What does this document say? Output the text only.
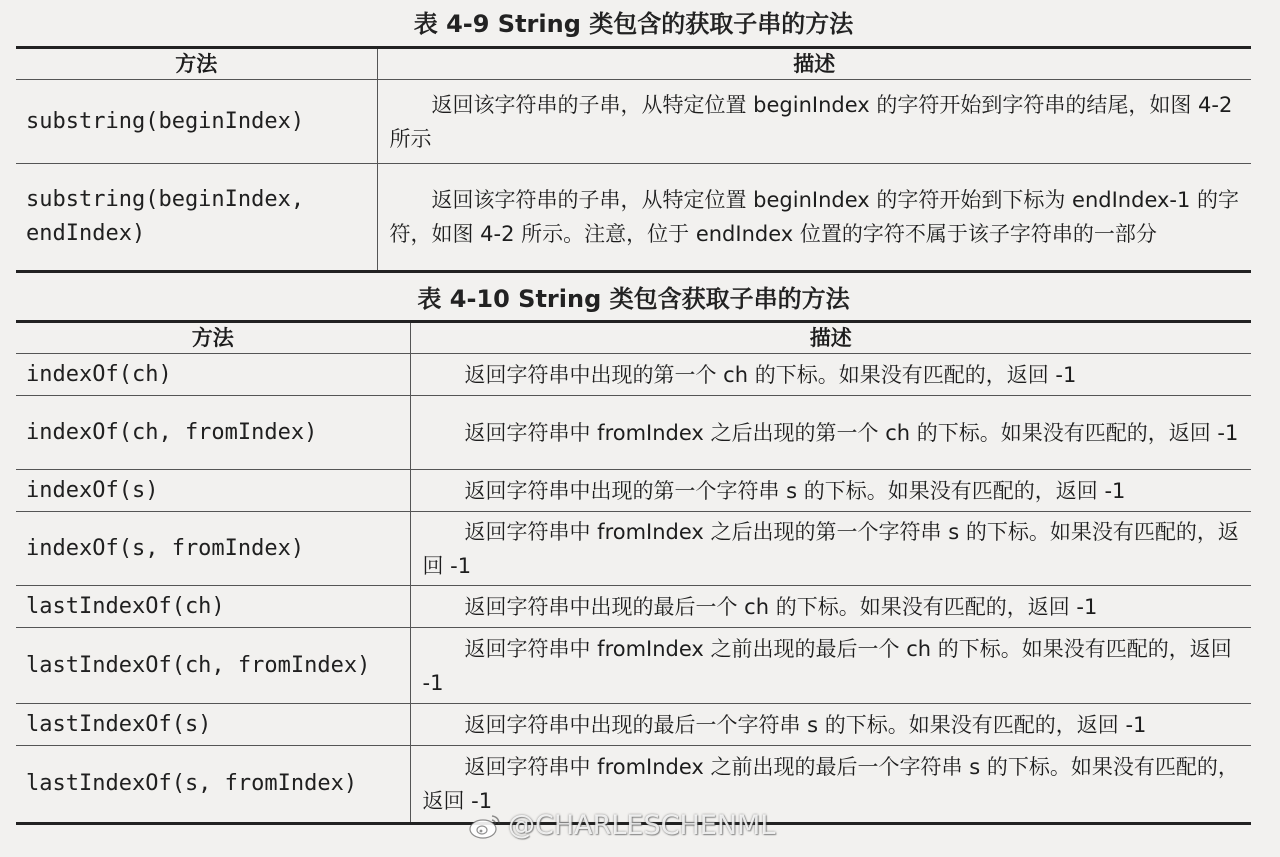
表 4-9 String 类包含的获取子串的方法
方法	描述
substring(beginIndex)	返回该字符串的子串，从特定位置 beginIndex 的字符开始到字符串的结尾，如图 4-2 所示
substring(beginIndex, endIndex)	返回该字符串的子串，从特定位置 beginIndex 的字符开始到下标为 endIndex-1 的字符，如图 4-2 所示。注意，位于 endIndex 位置的字符不属于该子字符串的一部分
表 4-10 String 类包含获取子串的方法
方法	描述
indexOf(ch)	返回字符串中出现的第一个 ch 的下标。如果没有匹配的，返回 -1
indexOf(ch, fromIndex)	返回字符串中 fromIndex 之后出现的第一个 ch 的下标。如果没有匹配的，返回 -1
indexOf(s)	返回字符串中出现的第一个字符串 s 的下标。如果没有匹配的，返回 -1
indexOf(s, fromIndex)	返回字符串中 fromIndex 之后出现的第一个字符串 s 的下标。如果没有匹配的，返回 -1
lastIndexOf(ch)	返回字符串中出现的最后一个 ch 的下标。如果没有匹配的，返回 -1
lastIndexOf(ch, fromIndex)	返回字符串中 fromIndex 之前出现的最后一个 ch 的下标。如果没有匹配的，返回 -1
lastIndexOf(s)	返回字符串中出现的最后一个字符串 s 的下标。如果没有匹配的，返回 -1
lastIndexOf(s, fromIndex)	返回字符串中 fromIndex 之前出现的最后一个字符串 s 的下标。如果没有匹配的，返回 -1
@CHARLESCHENML
